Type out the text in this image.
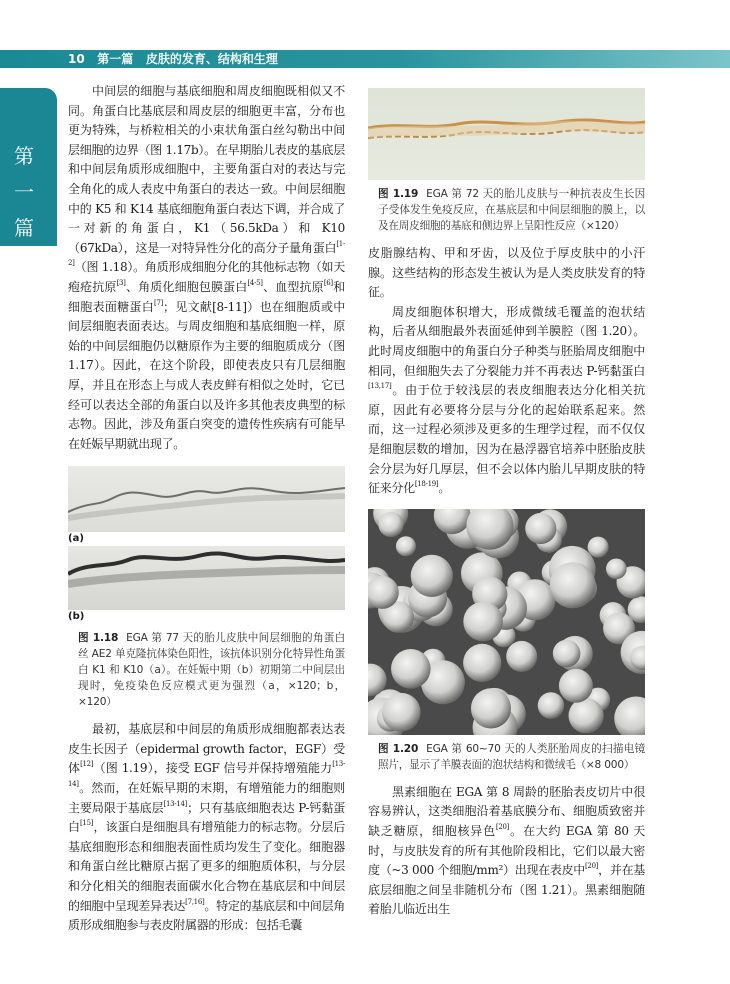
10 第一篇 皮肤的发育、结构和生理
第
一
篇

中间层的细胞与基底细胞和周皮细胞既相似又不同。角蛋白比基底层和周皮层的细胞更丰富，分布也更为特殊，与桥粒相关的小束状角蛋白丝勾勒出中间层细胞的边界（图 1.17b）。在早期胎儿表皮的基底层和中间层角质形成细胞中，主要角蛋白对的表达与完全角化的成人表皮中角蛋白的表达一致。中间层细胞中的 K5 和 K14 基底细胞角蛋白表达下调，并合成了一对新的角蛋白，K1（56.5kDa）和 K10（67kDa），这是一对特异性分化的高分子量角蛋白[1-2]（图 1.18）。角质形成细胞分化的其他标志物（如天疱疮抗原[3]、角质化细胞包膜蛋白[4-5]、血型抗原[6]和细胞表面糖蛋白[7]；见文献[8-11]）也在细胞质或中间层细胞表面表达。与周皮细胞和基底细胞一样，原始的中间层细胞仍以糖原作为主要的细胞质成分（图 1.17）。因此，在这个阶段，即使表皮只有几层细胞厚，并且在形态上与成人表皮鲜有相似之处时，它已经可以表达全部的角蛋白以及许多其他表皮典型的标志物。因此，涉及角蛋白突变的遗传性疾病有可能早在妊娠早期就出现了。

(a)
(b)

图 1.18 EGA 第 77 天的胎儿皮肤中间层细胞的角蛋白丝 AE2 单克隆抗体染色阳性，该抗体识别分化特异性角蛋白 K1 和 K10（a）。在妊娠中期（b）初期第二中间层出现时，免疫染色反应模式更为强烈（a，×120；b，×120）

最初，基底层和中间层的角质形成细胞都表达表皮生长因子（epidermal growth factor，EGF）受体[12]（图 1.19），接受 EGF 信号并保持增殖能力[13-14]。然而，在妊娠早期的末期，有增殖能力的细胞则主要局限于基底层[13-14]；只有基底细胞表达 P-钙黏蛋白[15]，该蛋白是细胞具有增殖能力的标志物。分层后基底细胞形态和细胞表面性质均发生了变化。细胞器和角蛋白丝比糖原占据了更多的细胞质体积，与分层和分化相关的细胞表面碳水化合物在基底层和中间层的细胞中呈现差异表达[7,16]。特定的基底层和中间层角质形成细胞参与表皮附属器的形成：包括毛囊

图 1.19 EGA 第 72 天的胎儿皮肤与一种抗表皮生长因子受体发生免疫反应，在基底层和中间层细胞的膜上，以及在周皮细胞的基底和侧边界上呈阳性反应（×120）

皮脂腺结构、甲和牙齿，以及位于厚皮肤中的小汗腺。这些结构的形态发生被认为是人类皮肤发育的特征。

周皮细胞体积增大，形成微绒毛覆盖的泡状结构，后者从细胞最外表面延伸到羊膜腔（图 1.20）。此时周皮细胞中的角蛋白分子种类与胚胎周皮细胞中相同，但细胞失去了分裂能力并不再表达 P-钙黏蛋白[13,17]。由于位于较浅层的表皮细胞表达分化相关抗原，因此有必要将分层与分化的起始联系起来。然而，这一过程必须涉及更多的生理学过程，而不仅仅是细胞层数的增加，因为在悬浮器官培养中胚胎皮肤会分层为好几厚层，但不会以体内胎儿早期皮肤的特征来分化[18-19]。

图 1.20 EGA 第 60~70 天的人类胚胎周皮的扫描电镜照片，显示了羊膜表面的泡状结构和微绒毛（×8 000）

黑素细胞在 EGA 第 8 周龄的胚胎表皮切片中很容易辨认，这类细胞沿着基底膜分布、细胞质致密并缺乏糖原，细胞核异色[20]。在大约 EGA 第 80 天时，与皮肤发育的所有其他阶段相比，它们以最大密度（~3 000 个细胞/mm²）出现在表皮中[20]，并在基底层细胞之间呈非随机分布（图 1.21）。黑素细胞随着胎儿临近出生
